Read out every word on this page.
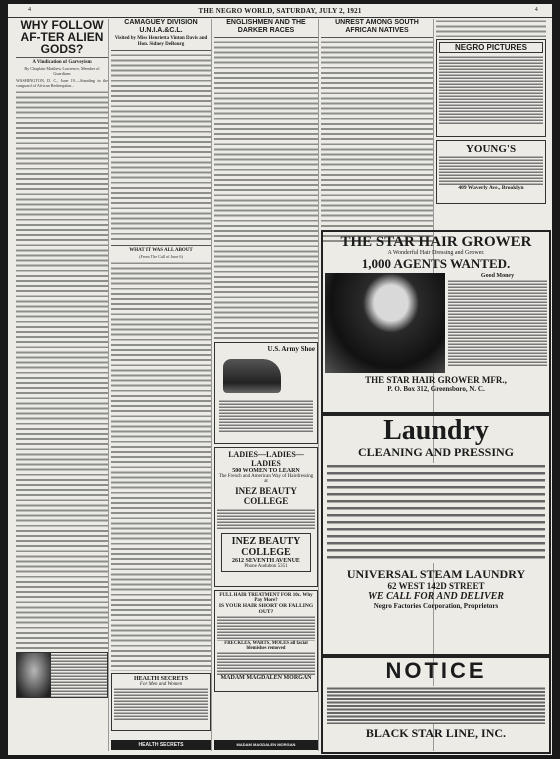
4	THE NEGRO WORLD, SATURDAY, JULY 2, 1921	4
WHY FOLLOW AF-TER ALIEN GODS?
A Vindication of Garveyism

By Chaplain Matthew Lawrence, Member of Guardians

WASHINGTON, D. C., June 19.—Standing in the vanguard of African Redemption...

CAMAGUEY DIVISION U.N.I.A.&C.L.
Visited by Miss Henrietta Vinton Davis and Hon. Sidney DeBourg
WHAT IT WAS ALL ABOUT

(From The Call of June 6)

HEALTH SECRETS
For Men and Women
ENGLISHMEN AND THE DARKER RACES
U.S. Army Shoe
LADIES—LADIES—LADIES
500 WOMEN TO LEARN
The French and American Way of Hairdressing at
INEZ BEAUTY COLLEGE
INEZ BEAUTY COLLEGE
2612 SEVENTH AVENUE
Phone Audubon 5351
FULL HAIR TREATMENT FOR 10c. Why Pay More?
IS YOUR HAIR SHORT OR FALLING OUT?
FRECKLES, WARTS, MOLES all facial blemishes removed
MADAM MAGDALEN MORGAN
UNREST AMONG SOUTH AFRICAN NATIVES
NEGRO PICTURES
YOUNG'S
409 Waverly Ave., Brooklyn
THE STAR HAIR GROWER
A Wonderful Hair Dressing and Grower.
1,000 AGENTS WANTED.
Good Money
THE STAR HAIR GROWER MFR.,
P. O. Box 312, Greensboro, N. C.
Laundry
CLEANING AND PRESSING
UNIVERSAL STEAM LAUNDRY
62 WEST 142D STREET
WE CALL FOR AND DELIVER
Negro Factories Corporation, Proprietors
NOTICE
BLACK STAR LINE, INC.
MADAM MAGDALEN MORGAN
HEALTH SECRETS
